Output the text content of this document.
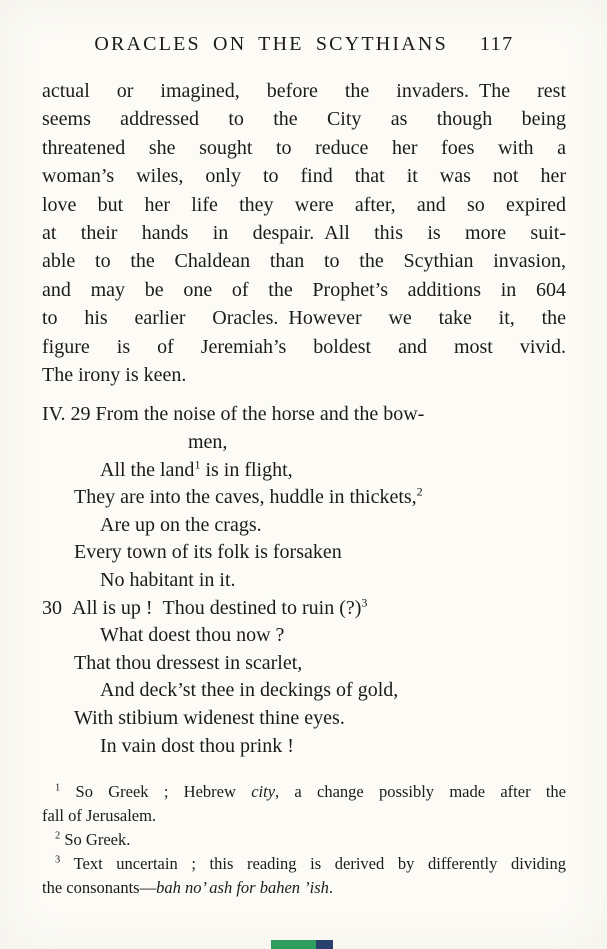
ORACLES ON THE SCYTHIANS 117
actual or imagined, before the invaders. The rest
seems addressed to the City as though being
threatened she sought to reduce her foes with a
woman’s wiles, only to find that it was not her
love but her life they were after, and so expired
at their hands in despair. All this is more suit-
able to the Chaldean than to the Scythian invasion,
and may be one of the Prophet’s additions in 604
to his earlier Oracles. However we take it, the
figure is of Jeremiah’s boldest and most vivid.
The irony is keen.
IV. 29 From the noise of the horse and the bow-
men,
All the land$^1$ is in flight,
They are into the caves, huddle in thickets,$^2$
Are up on the crags.
Every town of its folk is forsaken
No habitant in it.
30 All is up ! Thou destined to ruin (?)$^3$
What doest thou now ?
That thou dressest in scarlet,
And deck’st thee in deckings of gold,
With stibium widenest thine eyes.
In vain dost thou prink !
$^1$ So Greek ; Hebrew city, a change possibly made after the
fall of Jerusalem.
$^2$ So Greek.
$^3$ Text uncertain ; this reading is derived by differently dividing
the consonants—bah no’ ash for bahen ’ish.
